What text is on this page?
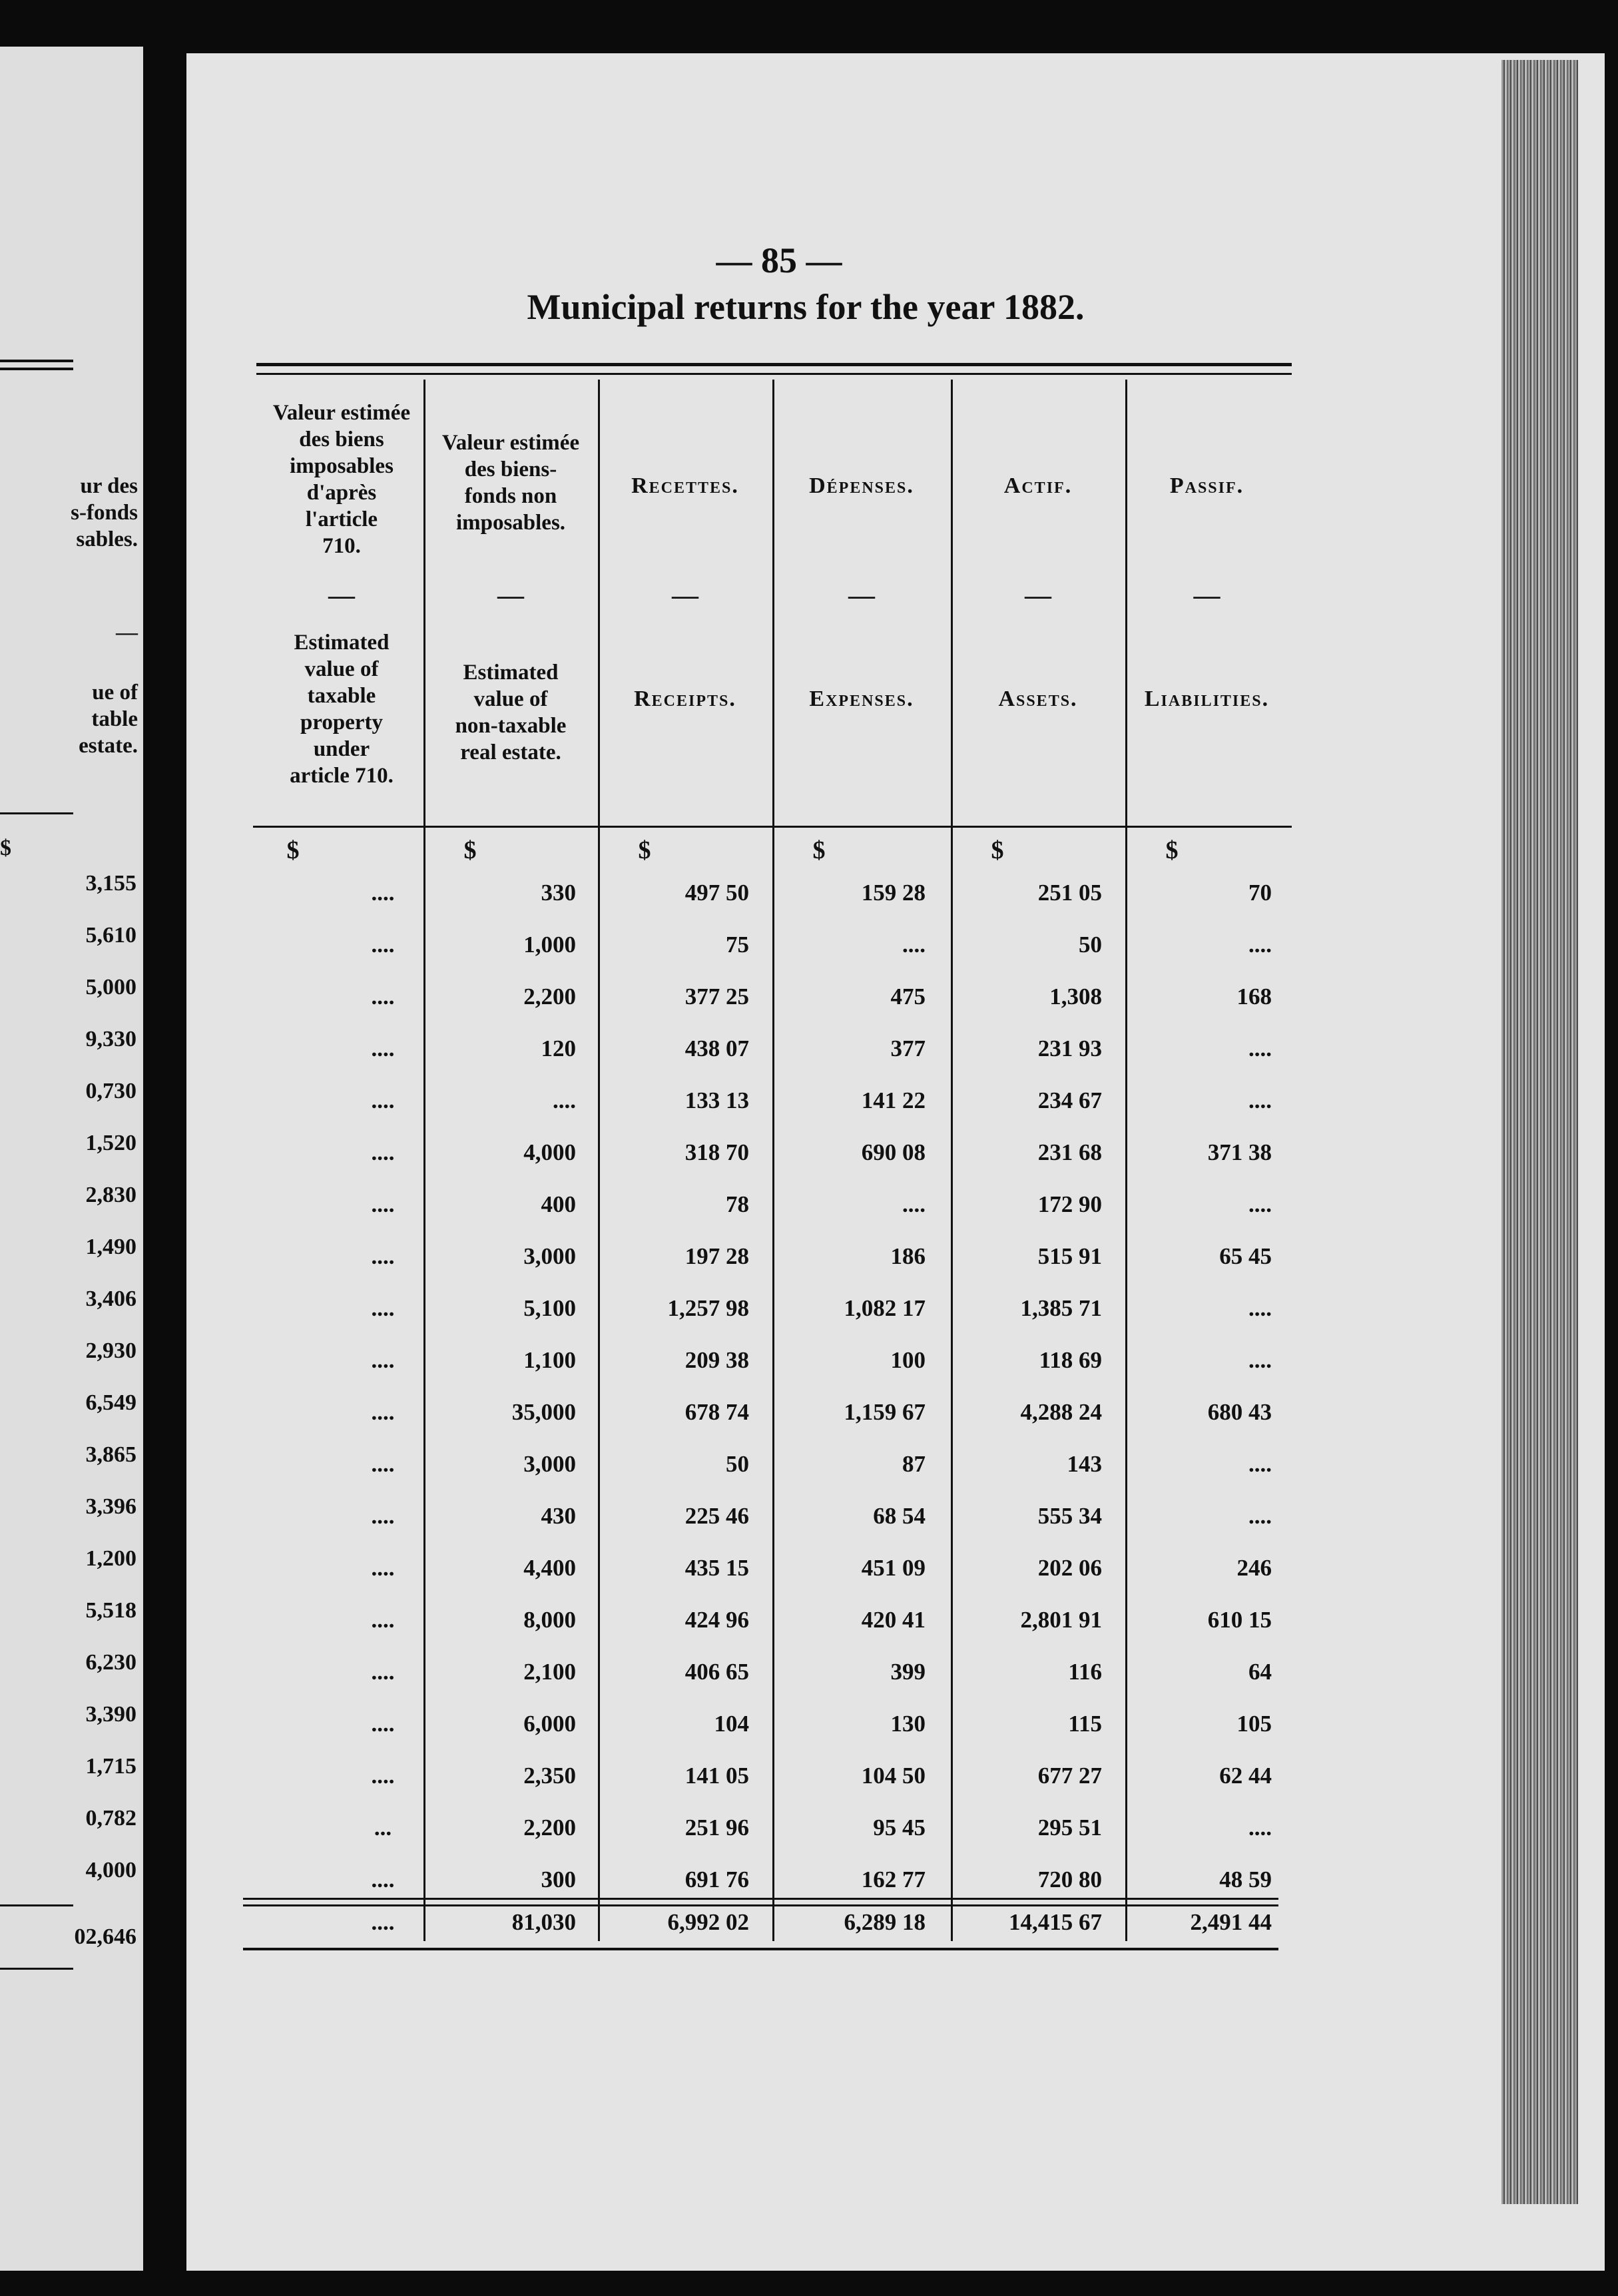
ur des
s-fonds
sables.
—
ue of
table
estate.
$
3,155
5,610
5,000
9,330
0,730
1,520
2,830
1,490
3,406
2,930
6,549
3,865
3,396
1,200
5,518
6,230
3,390
1,715
0,782
4,000
02,646
— 85 —
Municipal returns for the year 1882.
Valeur estimée
des biens
imposables
d'après
l'article
710.
—
Estimated
value of
taxable
property
under
article 710.
$
Valeur estimée
des biens-
fonds non
imposables.
—
Estimated
value of
non-taxable
real estate.
$
Recettes.
—
Receipts.
$
Dépenses.
—
Expenses.
$
Actif.
—
Assets.
$
Passif.
—
Liabilities.
$
....	330	497 50	159 28	251 05	70
....	1,000	75	....	50	....
....	2,200	377 25	475	1,308	168
....	120	438 07	377	231 93	....
....	....	133 13	141 22	234 67	....
....	4,000	318 70	690 08	231 68	371 38
....	400	78	....	172 90	....
....	3,000	197 28	186	515 91	65 45
....	5,100	1,257 98	1,082 17	1,385 71	....
....	1,100	209 38	100	118 69	....
....	35,000	678 74	1,159 67	4,288 24	680 43
....	3,000	50	87	143	....
....	430	225 46	68 54	555 34	....
....	4,400	435 15	451 09	202 06	246
....	8,000	424 96	420 41	2,801 91	610 15
....	2,100	406 65	399	116	64
....	6,000	104	130	115	105
....	2,350	141 05	104 50	677 27	62 44
...	2,200	251 96	95 45	295 51	....
....	300	691 76	162 77	720 80	48 59
....	81,030	6,992 02	6,289 18	14,415 67	2,491 44
